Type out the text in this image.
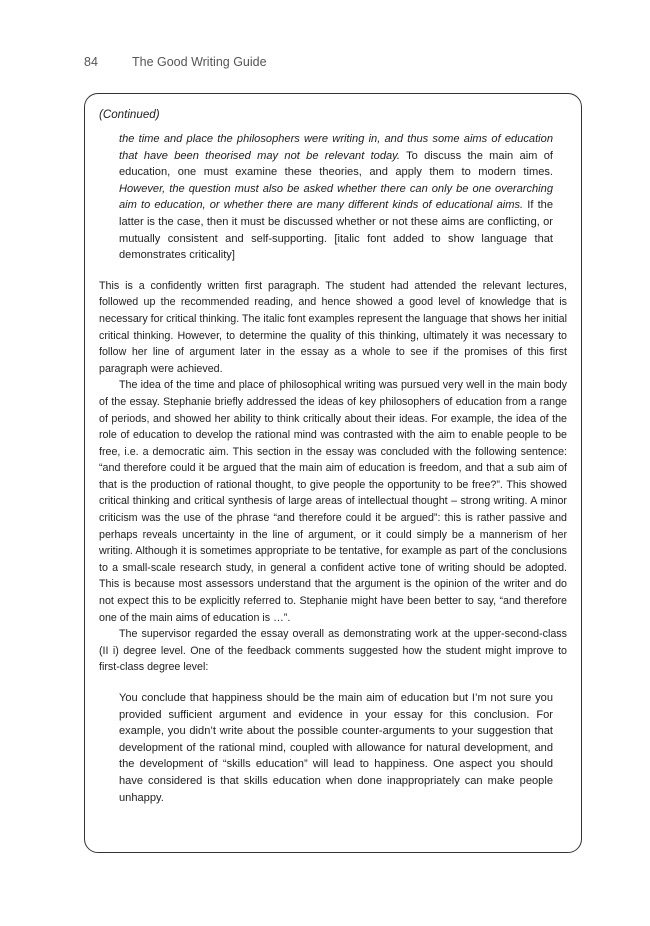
84	The Good Writing Guide
(Continued)
the time and place the philosophers were writing in, and thus some aims of education that have been theorised may not be relevant today. To discuss the main aim of education, one must examine these theories, and apply them to modern times. However, the question must also be asked whether there can only be one overarching aim to education, or whether there are many different kinds of educational aims. If the latter is the case, then it must be discussed whether or not these aims are conflicting, or mutually consistent and self-supporting. [italic font added to show language that demonstrates criticality]

This is a confidently written first paragraph. The student had attended the relevant lectures, followed up the recommended reading, and hence showed a good level of knowledge that is necessary for critical thinking. The italic font examples represent the language that shows her initial critical thinking. However, to determine the quality of this thinking, ultimately it was necessary to follow her line of argument later in the essay as a whole to see if the promises of this first paragraph were achieved.

The idea of the time and place of philosophical writing was pursued very well in the main body of the essay. Stephanie briefly addressed the ideas of key philosophers of education from a range of periods, and showed her ability to think critically about their ideas. For example, the idea of the role of education to develop the rational mind was contrasted with the aim to enable people to be free, i.e. a democratic aim. This section in the essay was concluded with the following sentence: “and therefore could it be argued that the main aim of education is freedom, and that a sub aim of that is the production of rational thought, to give people the opportunity to be free?”. This showed critical thinking and critical synthesis of large areas of intellectual thought – strong writing. A minor criticism was the use of the phrase “and therefore could it be argued”: this is rather passive and perhaps reveals uncertainty in the line of argument, or it could simply be a mannerism of her writing. Although it is sometimes appropriate to be tentative, for example as part of the conclusions to a small-scale research study, in general a confident active tone of writing should be adopted. This is because most assessors understand that the argument is the opinion of the writer and do not expect this to be explicitly referred to. Stephanie might have been better to say, “and therefore one of the main aims of education is …”.

The supervisor regarded the essay overall as demonstrating work at the upper-second-class (II i) degree level. One of the feedback comments suggested how the student might improve to first-class degree level:

You conclude that happiness should be the main aim of education but I’m not sure you provided sufficient argument and evidence in your essay for this conclusion. For example, you didn’t write about the possible counter-arguments to your suggestion that development of the rational mind, coupled with allowance for natural development, and the development of “skills education” will lead to happiness. One aspect you should have considered is that skills education when done inappropriately can make people unhappy.
